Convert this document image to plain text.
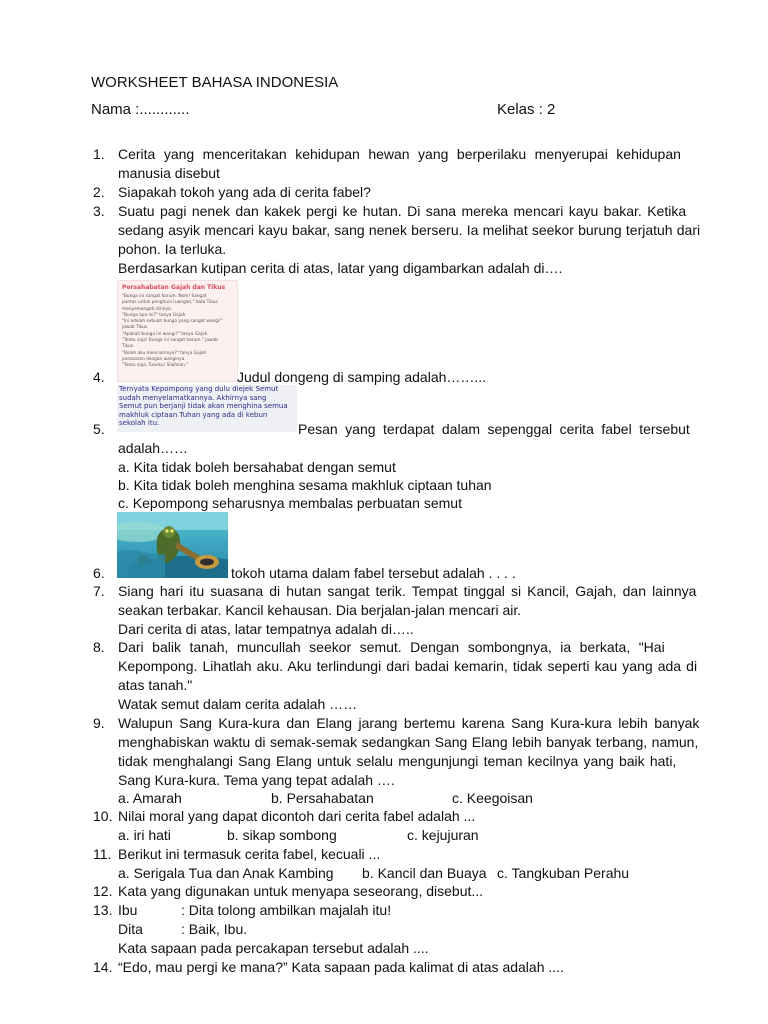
WORKSHEET BAHASA INDONESIA
Nama :............	Kelas : 2
1. Cerita yang menceritakan kehidupan hewan yang berperilaku menyerupai kehidupan
manusia disebut
2. Siapakah tokoh yang ada di cerita fabel?
3. Suatu pagi nenek dan kakek pergi ke hutan. Di sana mereka mencari kayu bakar. Ketika
sedang asyik mencari kayu bakar, sang nenek berseru. Ia melihat seekor burung terjatuh dari
pohon. Ia terluka.
Berdasarkan kutipan cerita di atas, latar yang digambarkan adalah di….
Persahabatan Gajah dan Tikus
"Bunga ini sangat harum. Nom! Sangat
pantas untuk penghuni ruangan," kata Tikus
menyemangati dirinya.
"Bunga apa ini?" tanya Gajah.
"Ini adalah sebuah bunga yang sangat wangi!"
jawab Tikus.
"Apakah bunga ini wangi?" tanya Gajah.
"Tentu saja! Bunga ini sangat harum." jawab
Tikus.
"Boleh aku menciumnya?" tanya Gajah
penasaran dengan wanginya.
"Tentu saja, Tuanku! Silahkan."
4.	Judul dongeng di samping adalah……...
Ternyata Kepompong yang dulu diejek Semut
sudah menyelamatkannya. Akhirnya sang
Semut pun berjanji tidak akan menghina semua
makhluk ciptaan Tuhan yang ada di kebun
sekolah itu.
5.	Pesan yang terdapat dalam sepenggal cerita fabel tersebut
adalah……
a. Kita tidak boleh bersahabat dengan semut
b. Kita tidak boleh menghina sesama makhluk ciptaan tuhan
c. Kepompong seharusnya membalas perbuatan semut
6.	tokoh utama dalam fabel tersebut adalah . . . .
7. Siang hari itu suasana di hutan sangat terik. Tempat tinggal si Kancil, Gajah, dan lainnya
seakan terbakar. Kancil kehausan. Dia berjalan-jalan mencari air.
Dari cerita di atas, latar tempatnya adalah di…..
8. Dari balik tanah, muncullah seekor semut. Dengan sombongnya, ia berkata, "Hai
Kepompong. Lihatlah aku. Aku terlindungi dari badai kemarin, tidak seperti kau yang ada di
atas tanah."
Watak semut dalam cerita adalah ……
9. Walupun Sang Kura-kura dan Elang jarang bertemu karena Sang Kura-kura lebih banyak
menghabiskan waktu di semak-semak sedangkan Sang Elang lebih banyak terbang, namun,
tidak menghalangi Sang Elang untuk selalu mengunjungi teman kecilnya yang baik hati,
Sang Kura-kura. Tema yang tepat adalah ….
a. Amarah	b. Persahabatan	c. Keegoisan
10. Nilai moral yang dapat dicontoh dari cerita fabel adalah ...
a. iri hati	b. sikap sombong	c. kejujuran
11. Berikut ini termasuk cerita fabel, kecuali ...
a. Serigala Tua dan Anak Kambing b. Kancil dan Buaya c. Tangkuban Perahu
12. Kata yang digunakan untuk menyapa seseorang, disebut...
13. Ibu	: Dita tolong ambilkan majalah itu!
Dita	: Baik, Ibu.
Kata sapaan pada percakapan tersebut adalah ....
14. “Edo, mau pergi ke mana?” Kata sapaan pada kalimat di atas adalah ....
